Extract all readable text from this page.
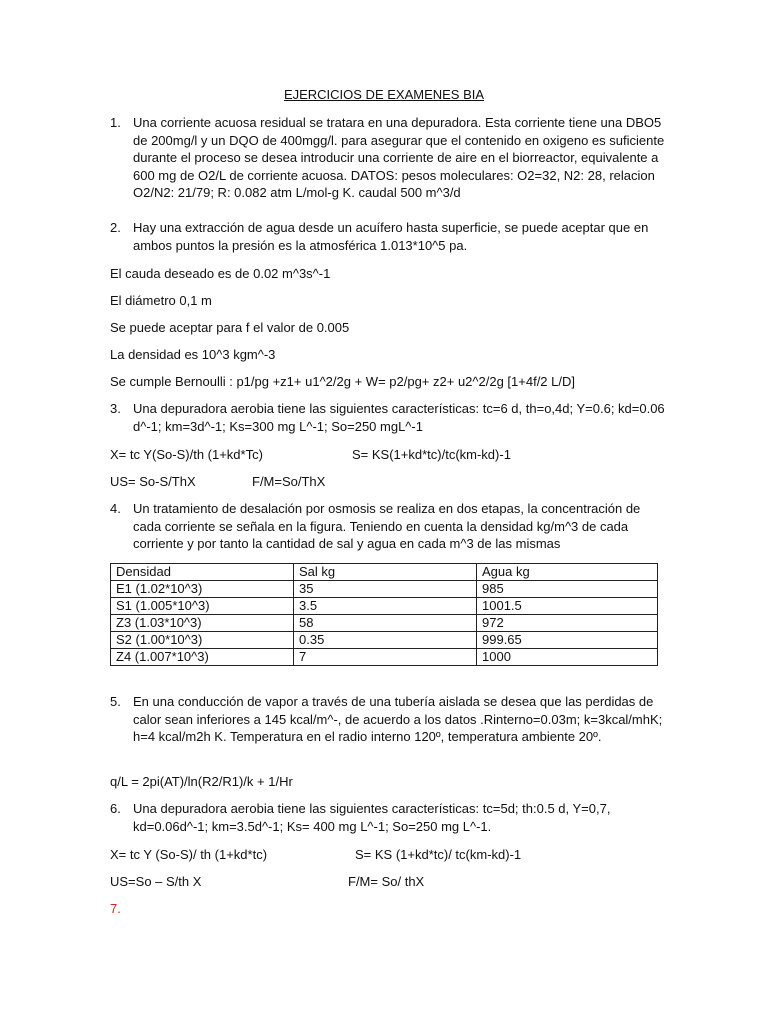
EJERCICIOS DE EXAMENES BIA
1. Una corriente acuosa residual se tratara en una depuradora. Esta corriente tiene una DBO5 de 200mg/l y un DQO de 400mgg/l. para asegurar que el contenido en oxigeno es suficiente durante el proceso se desea introducir una corriente de aire en el biorreactor, equivalente a 600 mg de O2/L de corriente acuosa. DATOS: pesos moleculares: O2=32, N2: 28, relacion O2/N2: 21/79; R: 0.082 atm L/mol-g K. caudal 500 m^3/d
2. Hay una extracción de agua desde un acuífero hasta superficie, se puede aceptar que en ambos puntos la presión es la atmosférica 1.013*10^5 pa.
El cauda deseado es de 0.02 m^3s^-1
El diámetro 0,1 m
Se puede aceptar para f el valor de 0.005
La densidad es 10^3 kgm^-3
Se cumple Bernoulli : p1/pg +z1+ u1^2/2g + W= p2/pg+ z2+ u2^2/2g [1+4f/2 L/D]
3. Una depuradora aerobia tiene las siguientes características: tc=6 d, th=o,4d; Y=0.6; kd=0.06 d^-1; km=3d^-1; Ks=300 mg L^-1; So=250 mgL^-1
X= tc Y(So-S)/th (1+kd*Tc)	S= KS(1+kd*tc)/tc(km-kd)-1
US= So-S/ThX	F/M=So/ThX
4. Un tratamiento de desalación por osmosis se realiza en dos etapas, la concentración de cada corriente se señala en la figura. Teniendo en cuenta la densidad kg/m^3 de cada corriente y por tanto la cantidad de sal y agua en cada m^3 de las mismas
Densidad	Sal kg	Agua kg
E1 (1.02*10^3)	35	985
S1 (1.005*10^3)	3.5	1001.5
Z3 (1.03*10^3)	58	972
S2 (1.00*10^3)	0.35	999.65
Z4 (1.007*10^3)	7	1000
5. En una conducción de vapor a través de una tubería aislada se desea que las perdidas de calor sean inferiores a 145 kcal/m^-, de acuerdo a los datos .Rinterno=0.03m; k=3kcal/mhK; h=4 kcal/m2h K. Temperatura en el radio interno 120º, temperatura ambiente 20º.
q/L = 2pi(AT)/ln(R2/R1)/k + 1/Hr
6. Una depuradora aerobia tiene las siguientes características: tc=5d; th:0.5 d, Y=0,7, kd=0.06d^-1; km=3.5d^-1; Ks= 400 mg L^-1; So=250 mg L^-1.
X= tc Y (So-S)/ th (1+kd*tc)	S= KS (1+kd*tc)/ tc(km-kd)-1
US=So – S/th X	F/M= So/ thX
7.
